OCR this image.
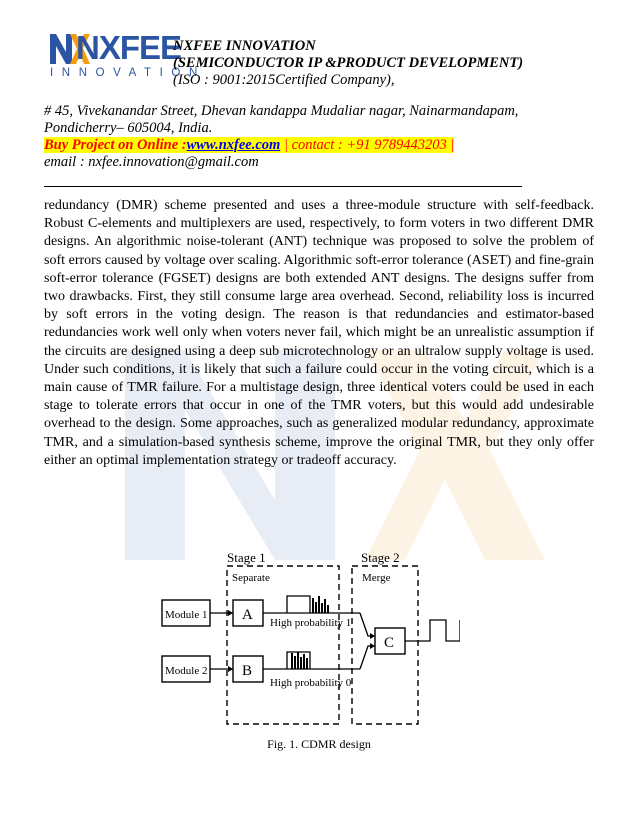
NXFEE
INNOVATION
NXFEE INNOVATION
(SEMICONDUCTOR IP &PRODUCT DEVELOPMENT)
(ISO : 9001:2015Certified Company),
# 45, Vivekanandar Street, Dhevan kandappa Mudaliar nagar, Nainarmandapam,
Pondicherry– 605004, India.
Buy Project on Online :www.nxfee.com | contact : +91 9789443203 |
email : nxfee.innovation@gmail.com
redundancy (DMR) scheme presented and uses a three-module structure with self-feedback. Robust C-elements and multiplexers are used, respectively, to form voters in two different DMR designs. An algorithmic noise-tolerant (ANT) technique was proposed to solve the problem of soft errors caused by voltage over scaling. Algorithmic soft-error tolerance (ASET) and fine-grain soft-error tolerance (FGSET) designs are both extended ANT designs. The designs suffer from two drawbacks. First, they still consume large area overhead. Second, reliability loss is incurred by soft errors in the voting design. The reason is that redundancies and estimator-based redundancies work well only when voters never fail, which might be an unrealistic assumption if the circuits are designed using a deep sub microtechnology or an ultralow supply voltage is used. Under such conditions, it is likely that such a failure could occur in the voting circuit, which is a main cause of TMR failure. For a multistage design, three identical voters could be used in each stage to tolerate errors that occur in one of the TMR voters, but this would add undesirable overhead to the design. Some approaches, such as generalized modular redundancy, approximate TMR, and a simulation-based synthesis scheme, improve the original TMR, but they only offer either an optimal implementation strategy or tradeoff accuracy.
Stage 1	Stage 2
Separate	Merge
Module 1
Module 2
A
B
C
High probability 1
High probability 0
Fig. 1. CDMR design
